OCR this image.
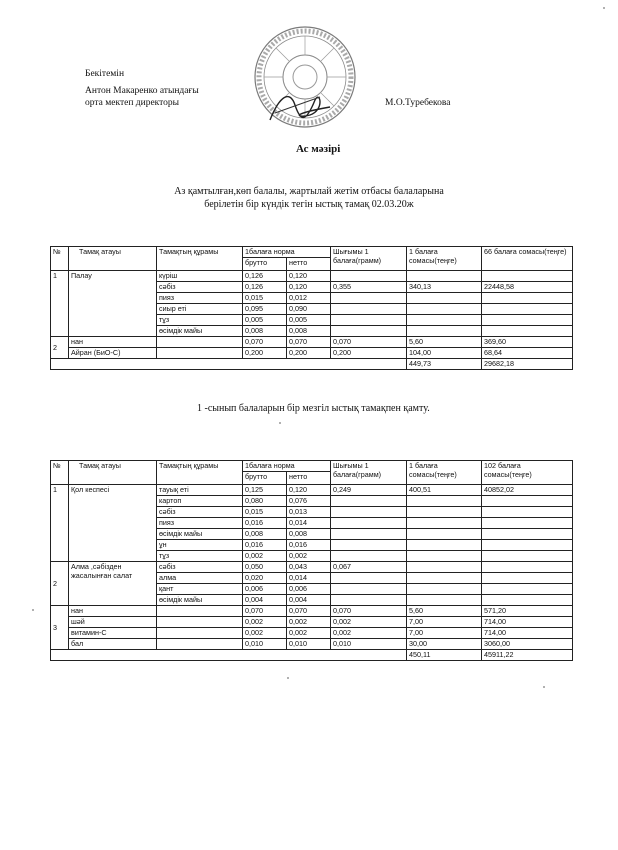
Бекітемін
Антон Макаренко атындағы
орта мектеп директоры	М.О.Туребекова
Ас мәзірі
Аз қамтылған,көп балалы, жартылай жетім отбасы балаларына
берілетін бір күндік тегін ыстық тамақ 02.03.20ж
№	Тамақ атауы	Тамақтың құрамы	1балаға норма		Шығымы 1 балаға(грамм)	1 балаға сомасы(теңге)	66 балаға сомасы(теңге)
			брутто	нетто			
1	Палау	күріш	0,126	0,120			
		сәбіз	0,126	0,120	0,355	340,13	22448,58
		пияз	0,015	0,012			
		сиыр еті	0,095	0,090			
		тұз	0,005	0,005			
		өсімдік майы	0,008	0,008			
2	нан		0,070	0,070	0,070	5,60	369,60
	Айран (БиО-С)		0,200	0,200	0,200	104,00	68,64
						449,73	29682,18
1 -сынып балаларын бір мезгіл ыстық тамақпен қамту.
№	Тамақ атауы	Тамақтың құрамы	1балаға норма		Шығымы 1 балаға(грамм)	1 балаға сомасы(теңге)	102 балаға сомасы(теңге)
			брутто	нетто			
1	Қол кеспесі	тауық еті	0,125	0,120	0,249	400,51	40852,02
		картоп	0,080	0,076			
		сәбіз	0,015	0,013			
		пияз	0,016	0,014			
		өсімдік майы	0,008	0,008			
		ұн	0,016	0,016			
		тұз	0,002	0,002			
2	Алма ,сәбізден жасалынған салат	сәбіз	0,050	0,043	0,067		
		алма	0,020	0,014			
		қант	0,006	0,006			
		өсімдік майы	0,004	0,004			
3	нан		0,070	0,070	0,070	5,60	571,20
	шәй		0,002	0,002	0,002	7,00	714,00
	витамин-С		0,002	0,002	0,002	7,00	714,00
	бал		0,010	0,010	0,010	30,00	3060,00
						450,11	45911,22
